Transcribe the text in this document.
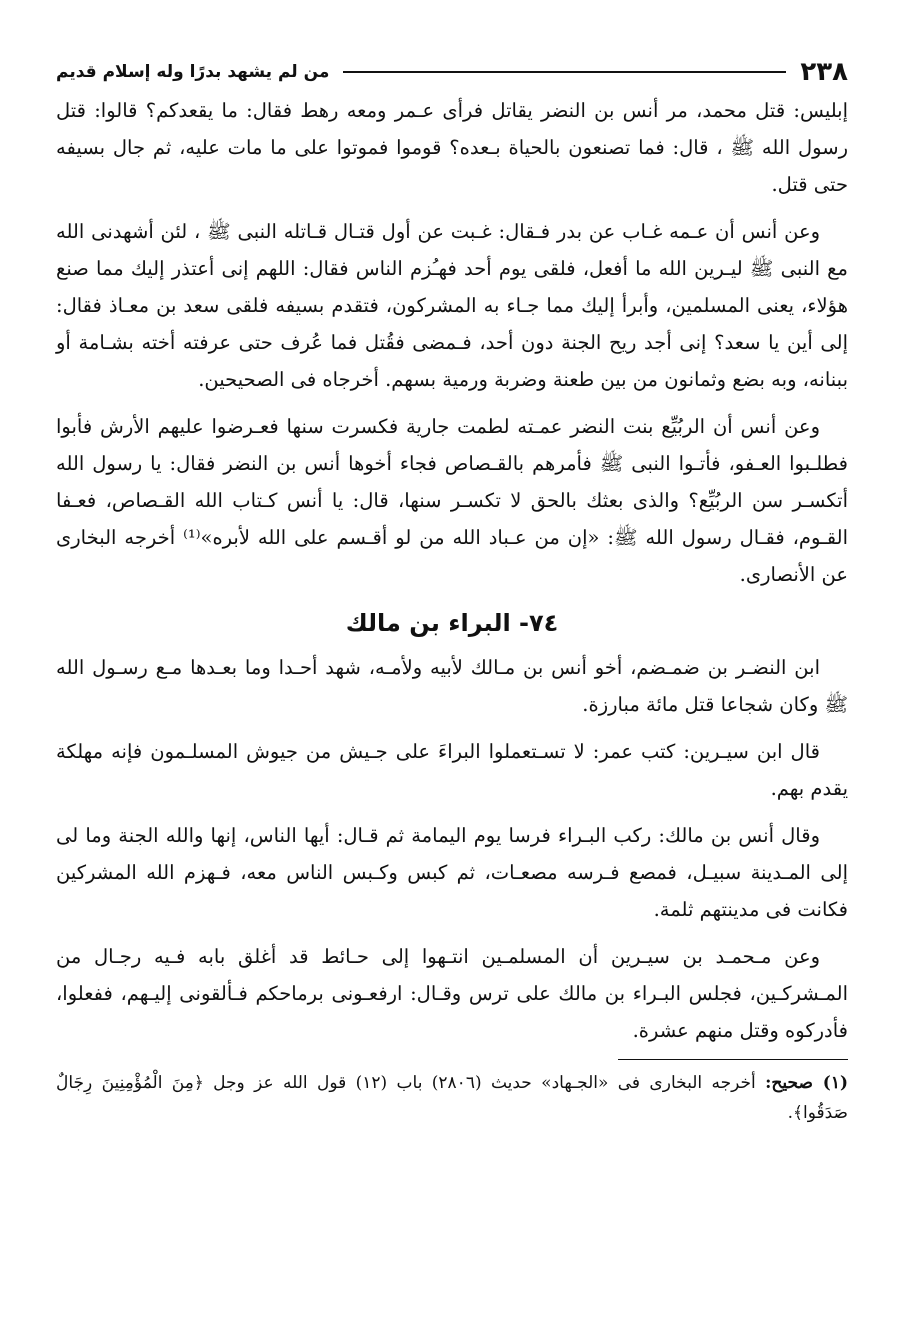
٢٣٨
من لم يشهد بدرًا وله إسلام قديم

إبليس: قتل محمد، مر أنس بن النضر يقاتل فرأى عـمر ومعه رهط فقال: ما يقعدكم؟ قالوا: قتل رسول الله ﷺ ، قال: فما تصنعون بالحياة بـعده؟ قوموا فموتوا على ما مات عليه، ثم جال بسيفه حتى قتل.

وعن أنس أن عـمه غـاب عن بدر فـقال: غـبت عن أول قتـال قـاتله النبى ﷺ ، لئن أشهدنى الله مع النبى ﷺ ليـرين الله ما أفعل، فلقى يوم أحد فهـُزم الناس فقال: اللهم إنى أعتذر إليك مما صنع هؤلاء، يعنى المسلمين، وأبرأ إليك مما جـاء به المشركون، فتقدم بسيفه فلقى سعد بن معـاذ فقال: إلى أين يا سعد؟ إنى أجد ريح الجنة دون أحد، فـمضى فقُتل فما عُرف حتى عرفته أخته بشـامة أو ببنانه، وبه بضع وثمانون من بين طعنة وضربة ورمية بسهم. أخرجاه فى الصحيحين.

وعن أنس أن الربُيِّع بنت النضر عمـته لطمت جارية فكسرت سنها فعـرضوا عليهم الأرش فأبوا فطلـبوا العـفو، فأتـوا النبى ﷺ فأمرهم بالقـصاص فجاء أخوها أنس بن النضر فقال: يا رسول الله أتكسـر سن الربُيِّع؟ والذى بعثك بالحق لا تكسـر سنها، قال: يا أنس كـتاب الله القـصاص، فعـفا القـوم، فقـال رسول الله ﷺ: «إن من عـباد الله من لو أقـسم على الله لأبره»⁽¹⁾ أخرجه البخارى عن الأنصارى.

٧٤- البراء بن مالك

ابن النضـر بن ضمـضم، أخو أنس بن مـالك لأبيه ولأمـه، شهد أحـدا وما بعـدها مـع رسـول الله ﷺ وكان شجاعا قتل مائة مبارزة.

قال ابن سيـرين: كتب عمر: لا تسـتعملوا البراءَ على جـيش من جيوش المسلـمون فإنه مهلكة يقدم بهم.

وقال أنس بن مالك: ركب البـراء فرسا يوم اليمامة ثم قـال: أيها الناس، إنها والله الجنة وما لى إلى المـدينة سبيـل، فمصع فـرسه مصعـات، ثم كبس وكـبس الناس معه، فـهزم الله المشركين فكانت فى مدينتهم ثلمة.

وعن مـحمـد بن سيـرين أن المسلمـين انتـهوا إلى حـائط قد أغلق بابه فـيه رجـال من المـشركـين، فجلس البـراء بن مالك على ترس وقـال: ارفعـونى برماحكم فـألقونى إليـهم، ففعلوا، فأدركوه وقتل منهم عشرة.

(١) صحيح: أخرجه البخارى فى «الجـهاد» حديث (٢٨٠٦) باب (١٢) قول الله عز وجل ﴿مِنَ الْمُؤْمِنِينَ رِجَالٌ صَدَقُوا﴾.
